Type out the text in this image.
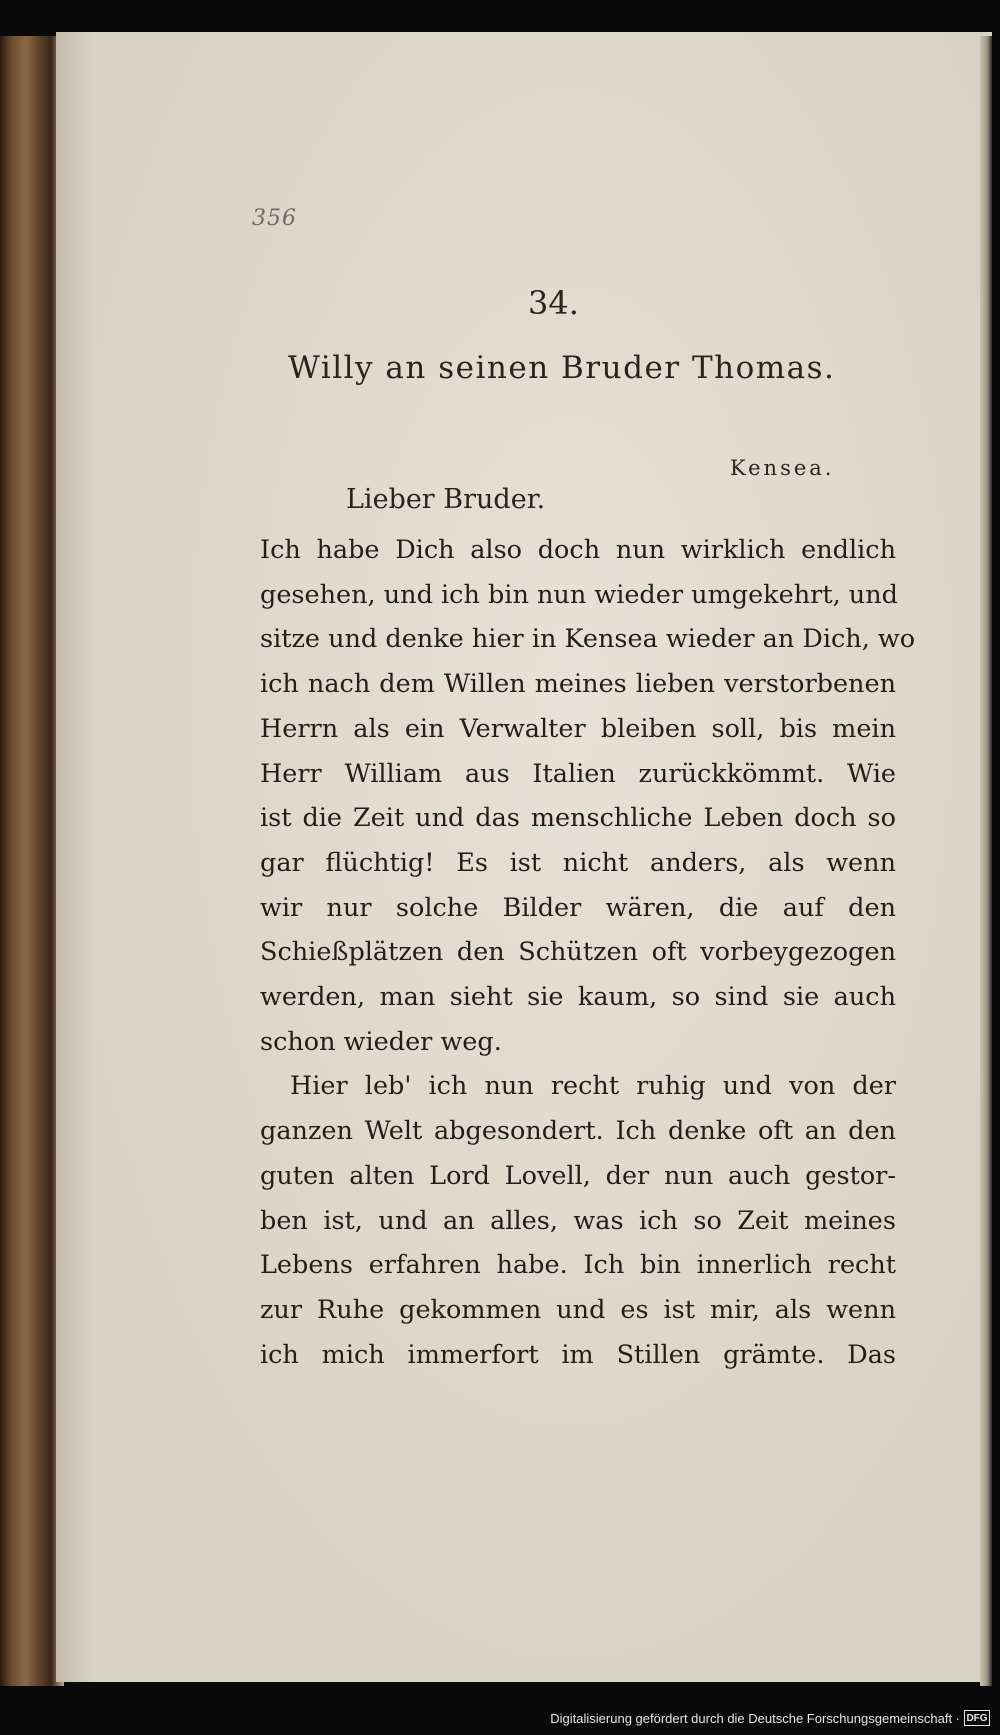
356

34.

Willy an seinen Bruder Thomas.

Kensea.

Lieber Bruder.

Ich habe Dich also doch nun wirklich endlich
gesehen, und ich bin nun wieder umgekehrt, und
sitze und denke hier in Kensea wieder an Dich, wo
ich nach dem Willen meines lieben verstorbenen
Herrn als ein Verwalter bleiben soll, bis mein
Herr William aus Italien zurückkömmt. Wie
ist die Zeit und das menschliche Leben doch so
gar flüchtig! Es ist nicht anders, als wenn
wir nur solche Bilder wären, die auf den
Schießplätzen den Schützen oft vorbeygezogen
werden, man sieht sie kaum, so sind sie auch
schon wieder weg.
Hier leb' ich nun recht ruhig und von der
ganzen Welt abgesondert. Ich denke oft an den
guten alten Lord Lovell, der nun auch gestor-
ben ist, und an alles, was ich so Zeit meines
Lebens erfahren habe. Ich bin innerlich recht
zur Ruhe gekommen und es ist mir, als wenn
ich mich immerfort im Stillen grämte. Das
Digitalisierung gefördert durch die Deutsche Forschungsgemeinschaft · DFG
